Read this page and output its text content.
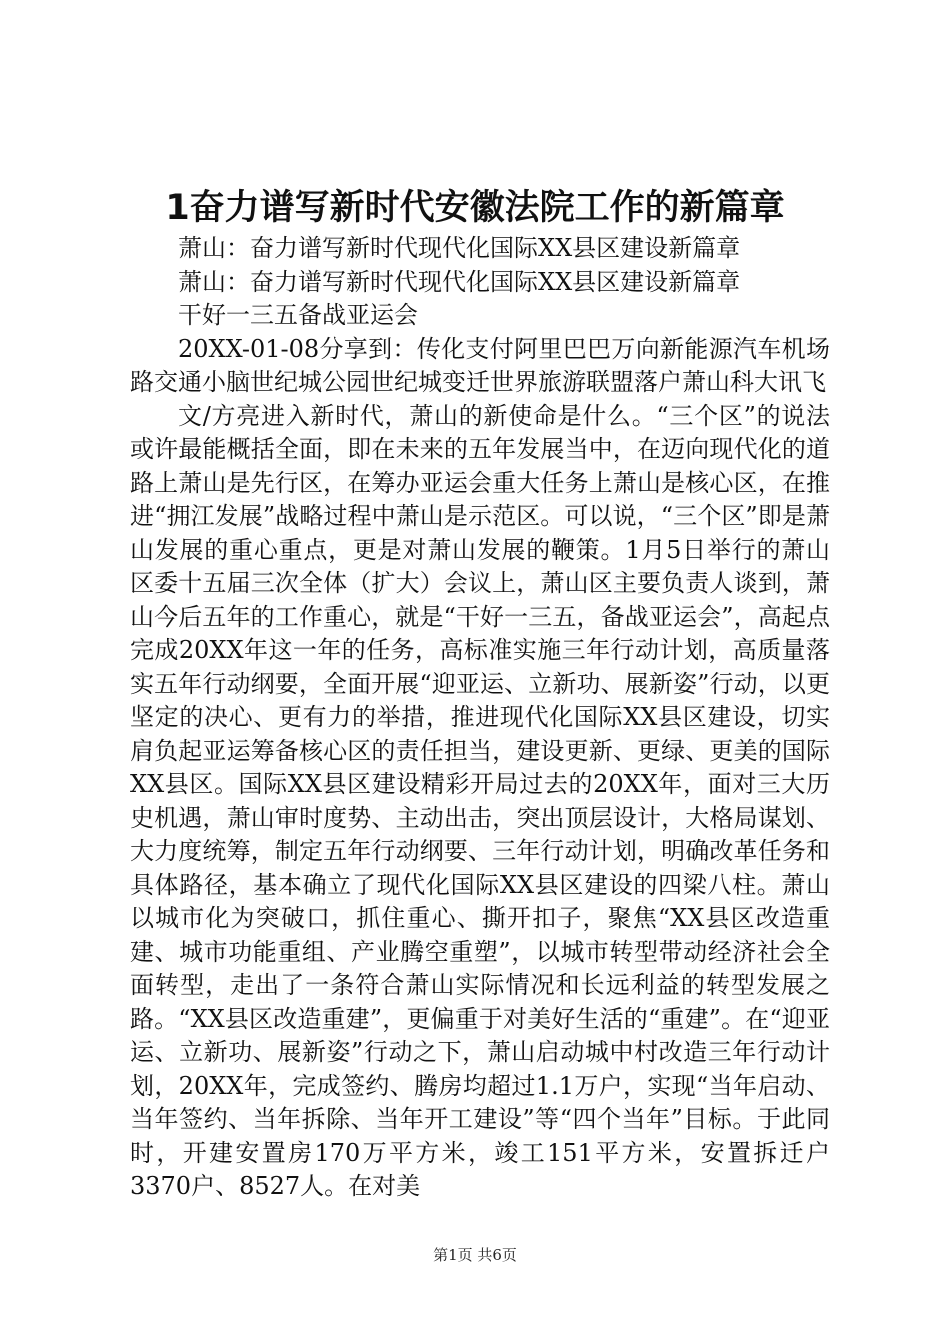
1奋力谱写新时代安徽法院工作的新篇章

萧山：奋力谱写新时代现代化国际XX县区建设新篇章

萧山：奋力谱写新时代现代化国际XX县区建设新篇章

干好一三五备战亚运会

20XX-01-08分享到：传化支付阿里巴巴万向新能源汽车机场路交通小脑世纪城公园世纪城变迁世界旅游联盟落户萧山科大讯飞

文/方亮进入新时代，萧山的新使命是什么。“三个区”的说法或许最能概括全面，即在未来的五年发展当中，在迈向现代化的道路上萧山是先行区，在筹办亚运会重大任务上萧山是核心区，在推进“拥江发展”战略过程中萧山是示范区。可以说，“三个区”即是萧山发展的重心重点，更是对萧山发展的鞭策。1月5日举行的萧山区委十五届三次全体（扩大）会议上，萧山区主要负责人谈到，萧山今后五年的工作重心，就是“干好一三五，备战亚运会”，高起点完成20XX年这一年的任务，高标准实施三年行动计划，高质量落实五年行动纲要，全面开展“迎亚运、立新功、展新姿”行动，以更坚定的决心、更有力的举措，推进现代化国际XX县区建设，切实肩负起亚运筹备核心区的责任担当，建设更新、更绿、更美的国际XX县区。国际XX县区建设精彩开局过去的20XX年，面对三大历史机遇，萧山审时度势、主动出击，突出顶层设计，大格局谋划、大力度统筹，制定五年行动纲要、三年行动计划，明确改革任务和具体路径，基本确立了现代化国际XX县区建设的四梁八柱。萧山以城市化为突破口，抓住重心、撕开扣子，聚焦“XX县区改造重建、城市功能重组、产业腾空重塑”，以城市转型带动经济社会全面转型，走出了一条符合萧山实际情况和长远利益的转型发展之路。“XX县区改造重建”，更偏重于对美好生活的“重建”。在“迎亚运、立新功、展新姿”行动之下，萧山启动城中村改造三年行动计划，20XX年，完成签约、腾房均超过1.1万户，实现“当年启动、当年签约、当年拆除、当年开工建设”等“四个当年”目标。于此同时，开建安置房170万平方米，竣工151平方米，安置拆迁户3370户、8527人。在对美

第1页 共6页
